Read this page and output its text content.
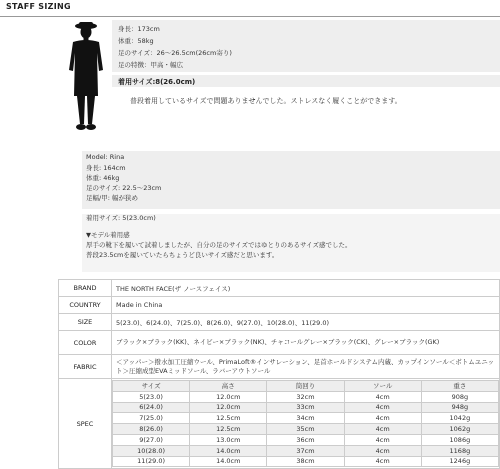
STAFF SIZING
身長：173cm
体重：58kg
足のサイズ：26〜26.5cm(26cm寄り)
足の特徴：甲高・幅広
着用サイズ:8(26.0cm)
普段着用しているサイズで問題ありませんでした。ストレスなく履くことができます。
Model: Rina
身長: 164cm
体重: 46kg
足のサイズ: 22.5〜23cm
足幅/甲: 幅が狭め
着用サイズ: 5(23.0cm)
▼モデル着用感
厚手の靴下を履いて試着しましたが、自分の足のサイズではゆとりのあるサイズ感でした。
普段23.5cmを履いていたらちょうど良いサイズ感だと思います。
BRAND	THE NORTH FACE(ザ ノースフェイス)
COUNTRY	Made in China
SIZE	5(23.0)、6(24.0)、7(25.0)、8(26.0)、9(27.0)、10(28.0)、11(29.0)
COLOR	ブラック×ブラック(KK)、ネイビー×ブラック(NK)、チャコールグレー×ブラック(CK)、グレー×ブラック(GK)
FABRIC	＜アッパー＞撥水加工圧縮ウール、PrimaLoft®インサレーション、足首ホールドシステム内蔵、カップインソール＜ボトムユニット＞圧縮成型EVAミッドソール、ラバーアウトソール
SPEC	
サイズ	高さ	筒回り	ソール	重さ
5(23.0)	12.0cm	32cm	4cm	908g
6(24.0)	12.0cm	33cm	4cm	948g
7(25.0)	12.5cm	34cm	4cm	1042g
8(26.0)	12.5cm	35cm	4cm	1062g
9(27.0)	13.0cm	36cm	4cm	1086g
10(28.0)	14.0cm	37cm	4cm	1168g
11(29.0)	14.0cm	38cm	4cm	1246g
